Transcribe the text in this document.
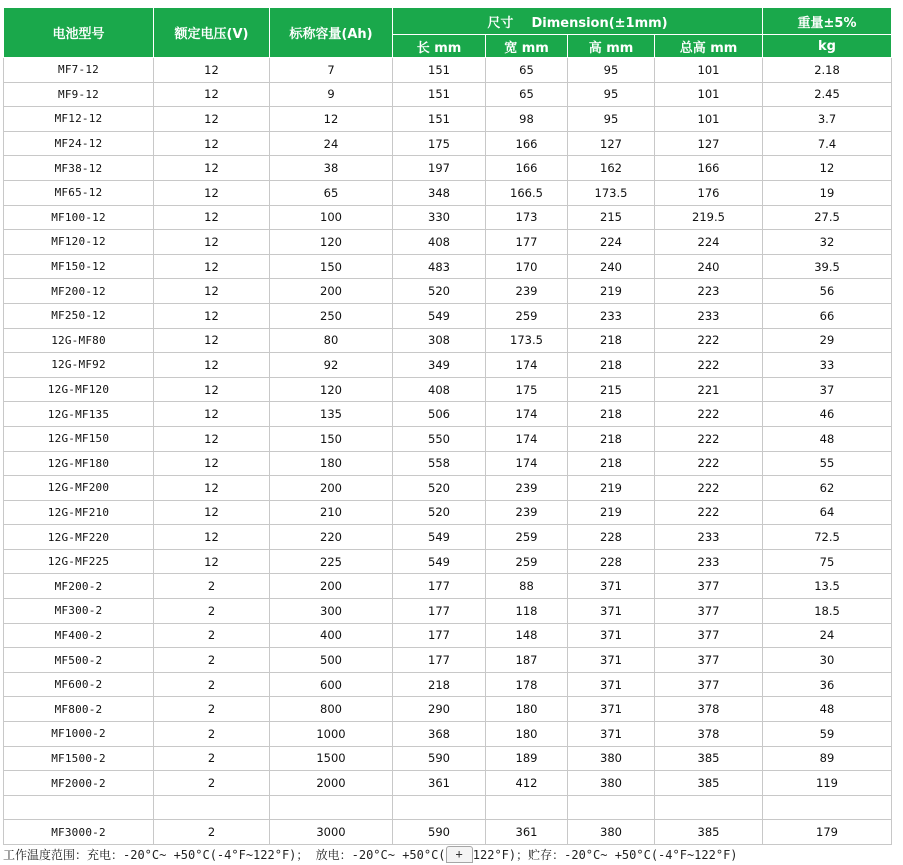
电池型号	额定电压(V)	标称容量(Ah)	尺寸    Dimension(±1mm)				重量±5%
			长 mm	宽 mm	高 mm	总高 mm	kg
MF7-12	12	7	151	65	95	101	2.18
MF9-12	12	9	151	65	95	101	2.45
MF12-12	12	12	151	98	95	101	3.7
MF24-12	12	24	175	166	127	127	7.4
MF38-12	12	38	197	166	162	166	12
MF65-12	12	65	348	166.5	173.5	176	19
MF100-12	12	100	330	173	215	219.5	27.5
MF120-12	12	120	408	177	224	224	32
MF150-12	12	150	483	170	240	240	39.5
MF200-12	12	200	520	239	219	223	56
MF250-12	12	250	549	259	233	233	66
12G-MF80	12	80	308	173.5	218	222	29
12G-MF92	12	92	349	174	218	222	33
12G-MF120	12	120	408	175	215	221	37
12G-MF135	12	135	506	174	218	222	46
12G-MF150	12	150	550	174	218	222	48
12G-MF180	12	180	558	174	218	222	55
12G-MF200	12	200	520	239	219	222	62
12G-MF210	12	210	520	239	219	222	64
12G-MF220	12	220	549	259	228	233	72.5
12G-MF225	12	225	549	259	228	233	75
MF200-2	2	200	177	88	371	377	13.5
MF300-2	2	300	177	118	371	377	18.5
MF400-2	2	400	177	148	371	377	24
MF500-2	2	500	177	187	371	377	30
MF600-2	2	600	218	178	371	377	36
MF800-2	2	800	290	180	371	378	48
MF1000-2	2	1000	368	180	371	378	59
MF1500-2	2	1500	590	189	380	385	89
MF2000-2	2	2000	361	412	380	385	119

MF3000-2	2	3000	590	361	380	385	179
工作温度范围：充电：-20°C~ +50°C(-4°F~122°F)； 放电：-20°C~ +50°C( + 122°F)；贮存：-20°C~ +50°C(-4°F~122°F)
